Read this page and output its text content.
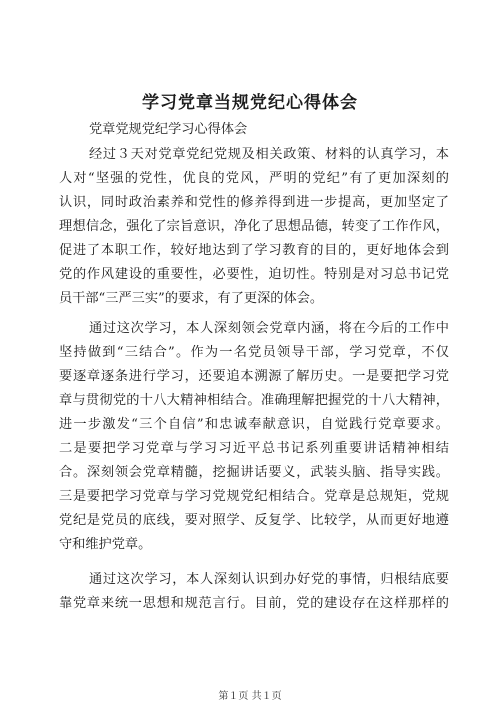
学习党章当规党纪心得体会
党章党规党纪学习心得体会
经过３天对党章党纪党规及相关政策、材料的认真学习，本
人对“坚强的党性，优良的党风，严明的党纪”有了更加深刻的
认识，同时政治素养和党性的修养得到进一步提高，更加坚定了
理想信念，强化了宗旨意识，净化了思想品德，转变了工作作风，
促进了本职工作，较好地达到了学习教育的目的，更好地体会到
党的作风建设的重要性，必要性，迫切性。特别是对习总书记党
员干部“三严三实”的要求，有了更深的体会。
通过这次学习，本人深刻领会党章内涵，将在今后的工作中
坚持做到“三结合”。作为一名党员领导干部，学习党章，不仅
要逐章逐条进行学习，还要追本溯源了解历史。一是要把学习党
章与贯彻党的十八大精神相结合。准确理解把握党的十八大精神，
进一步激发“三个自信”和忠诚奉献意识，自觉践行党章要求。
二是要把学习党章与学习习近平总书记系列重要讲话精神相结
合。深刻领会党章精髓，挖掘讲话要义，武装头脑、指导实践。
三是要把学习党章与学习党规党纪相结合。党章是总规矩，党规
党纪是党员的底线，要对照学、反复学、比较学，从而更好地遵
守和维护党章。
通过这次学习，本人深刻认识到办好党的事情，归根结底要
靠党章来统一思想和规范言行。目前，党的建设存在这样那样的
第１页 共１页
